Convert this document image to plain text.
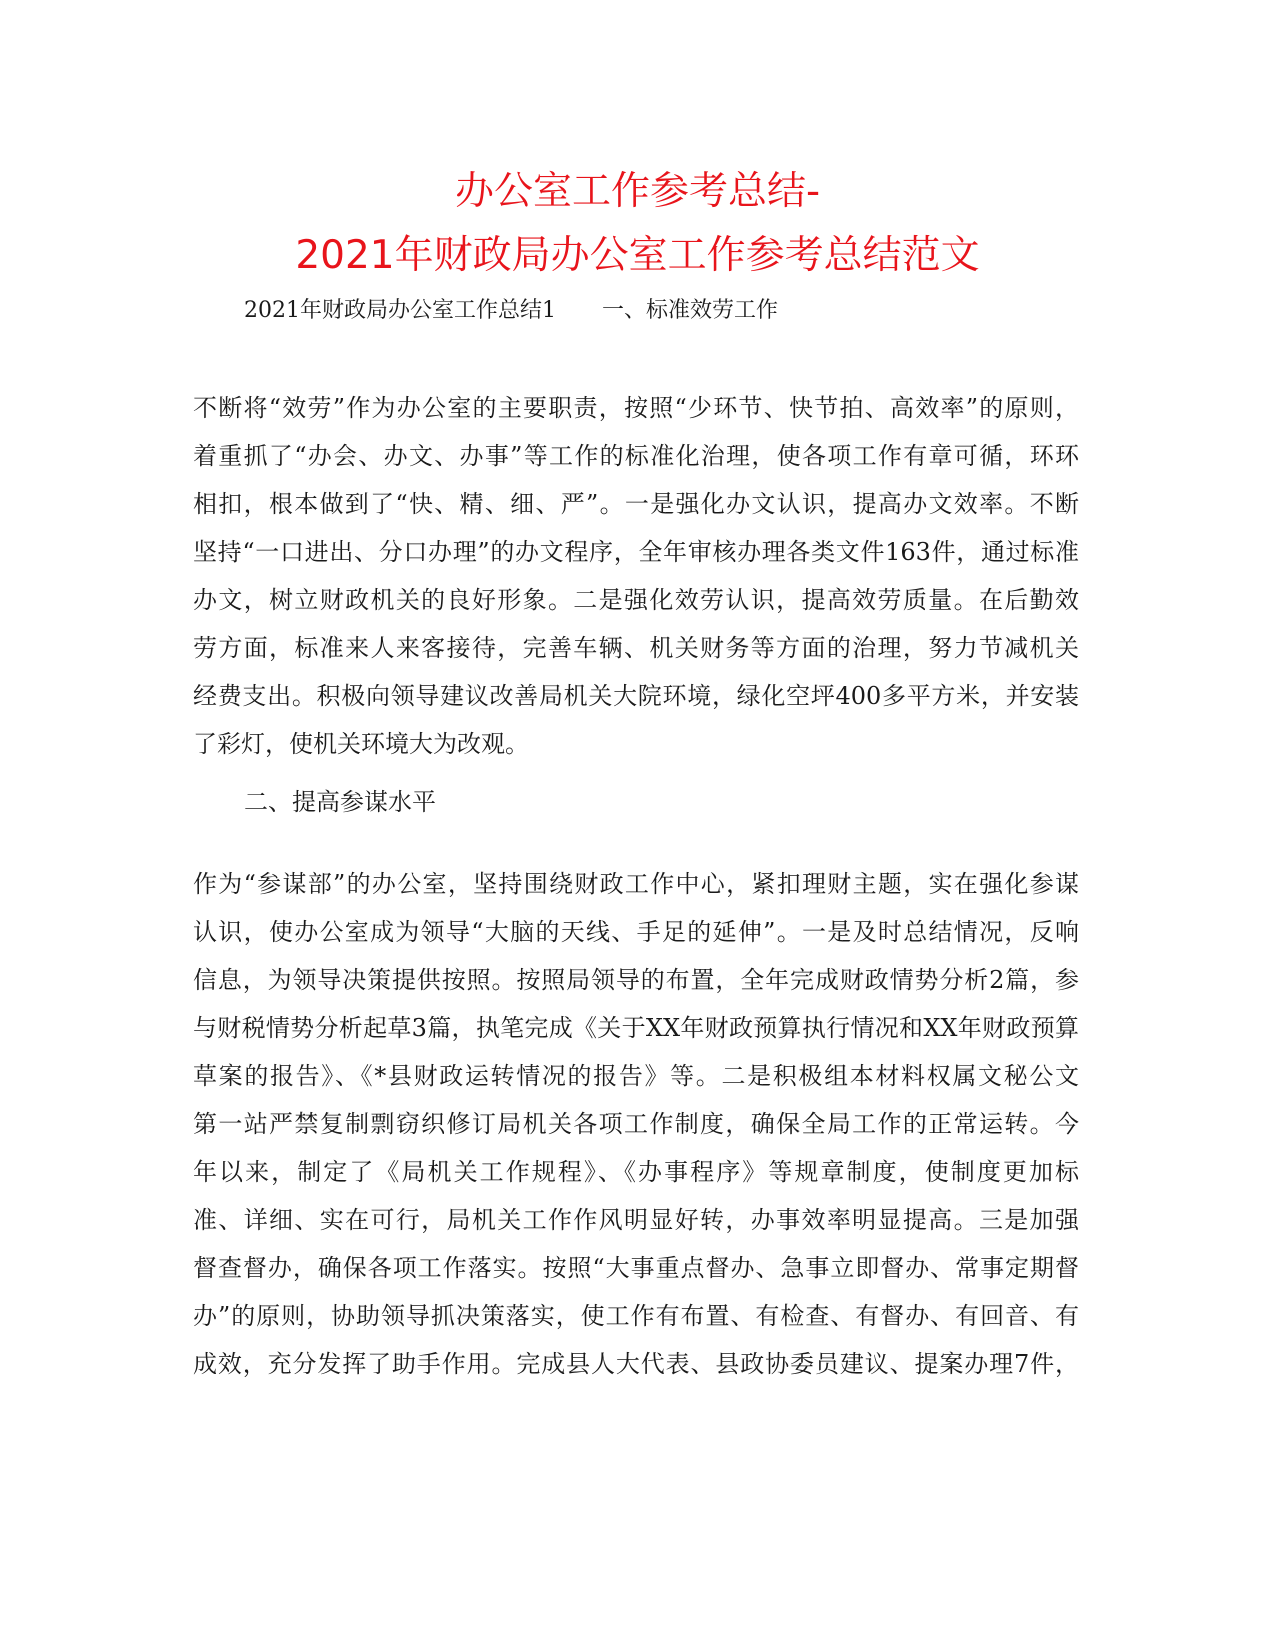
办公室工作参考总结-
2021年财政局办公室工作参考总结范文
2021年财政局办公室工作总结1 一、标准效劳工作

不断将“效劳”作为办公室的主要职责，按照“少环节、快节拍、高效率”的原则，
着重抓了“办会、办文、办事”等工作的标准化治理，使各项工作有章可循，环环
相扣，根本做到了“快、精、细、严”。一是强化办文认识，提高办文效率。不断
坚持“一口进出、分口办理”的办文程序，全年审核办理各类文件163件，通过标准
办文，树立财政机关的良好形象。二是强化效劳认识，提高效劳质量。在后勤效
劳方面，标准来人来客接待，完善车辆、机关财务等方面的治理，努力节减机关
经费支出。积极向领导建议改善局机关大院环境，绿化空坪400多平方米，并安装
了彩灯，使机关环境大为改观。

二、提高参谋水平

作为“参谋部”的办公室，坚持围绕财政工作中心，紧扣理财主题，实在强化参谋
认识，使办公室成为领导“大脑的天线、手足的延伸”。一是及时总结情况，反响
信息，为领导决策提供按照。按照局领导的布置，全年完成财政情势分析2篇，参
与财税情势分析起草3篇，执笔完成《关于XX年财政预算执行情况和XX年财政预算
草案的报告》、《*县财政运转情况的报告》等。二是积极组本材料权属文秘公文
第一站严禁复制剽窃织修订局机关各项工作制度，确保全局工作的正常运转。今
年以来，制定了《局机关工作规程》、《办事程序》等规章制度，使制度更加标
准、详细、实在可行，局机关工作作风明显好转，办事效率明显提高。三是加强
督查督办，确保各项工作落实。按照“大事重点督办、急事立即督办、常事定期督
办”的原则，协助领导抓决策落实，使工作有布置、有检查、有督办、有回音、有
成效，充分发挥了助手作用。完成县人大代表、县政协委员建议、提案办理7件，
